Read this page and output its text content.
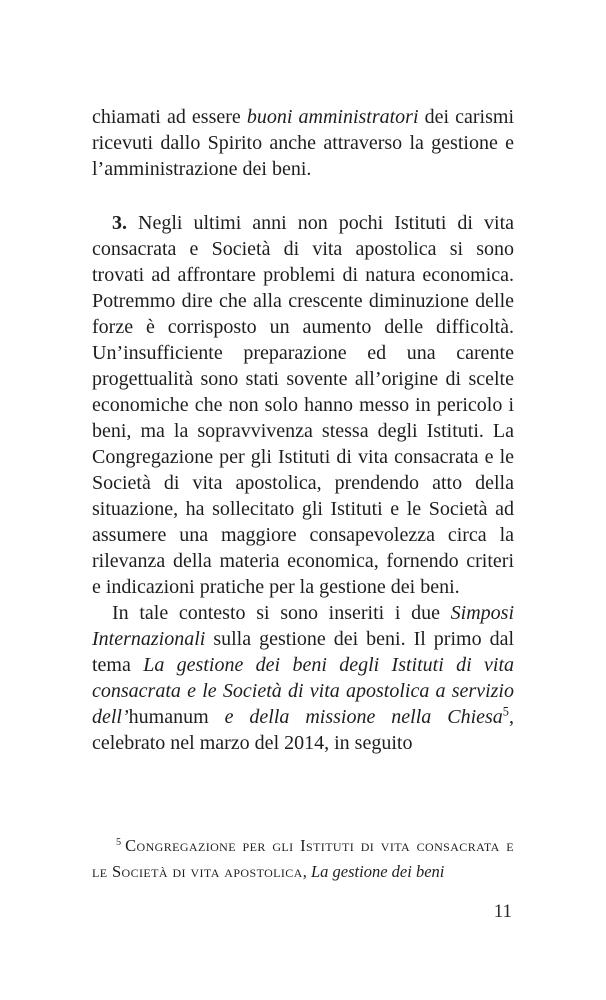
chiamati ad essere buoni amministratori dei carismi ricevuti dallo Spirito anche attraverso la gestione e l’amministrazione dei beni.

3. Negli ultimi anni non pochi Istituti di vita consacrata e Società di vita apostolica si sono trovati ad affrontare problemi di natura economica. Potremmo dire che alla crescente diminuzione delle forze è corrisposto un aumento delle difficoltà. Un’insufficiente preparazione ed una carente progettualità sono stati sovente all’origine di scelte economiche che non solo hanno messo in pericolo i beni, ma la sopravvivenza stessa degli Istituti. La Congregazione per gli Istituti di vita consacrata e le Società di vita apostolica, prendendo atto della situazione, ha sollecitato gli Istituti e le Società ad assumere una maggiore consapevolezza circa la rilevanza della materia economica, fornendo criteri e indicazioni pratiche per la gestione dei beni.

In tale contesto si sono inseriti i due Simposi Internazionali sulla gestione dei beni. Il primo dal tema La gestione dei beni degli Istituti di vita consacrata e le Società di vita apostolica a servizio dell’humanum e della missione nella Chiesa$^5$, celebrato nel marzo del 2014, in seguito

$^5$ Congregazione per gli Istituti di vita consacrata e le Società di vita apostolica, La gestione dei beni
11
